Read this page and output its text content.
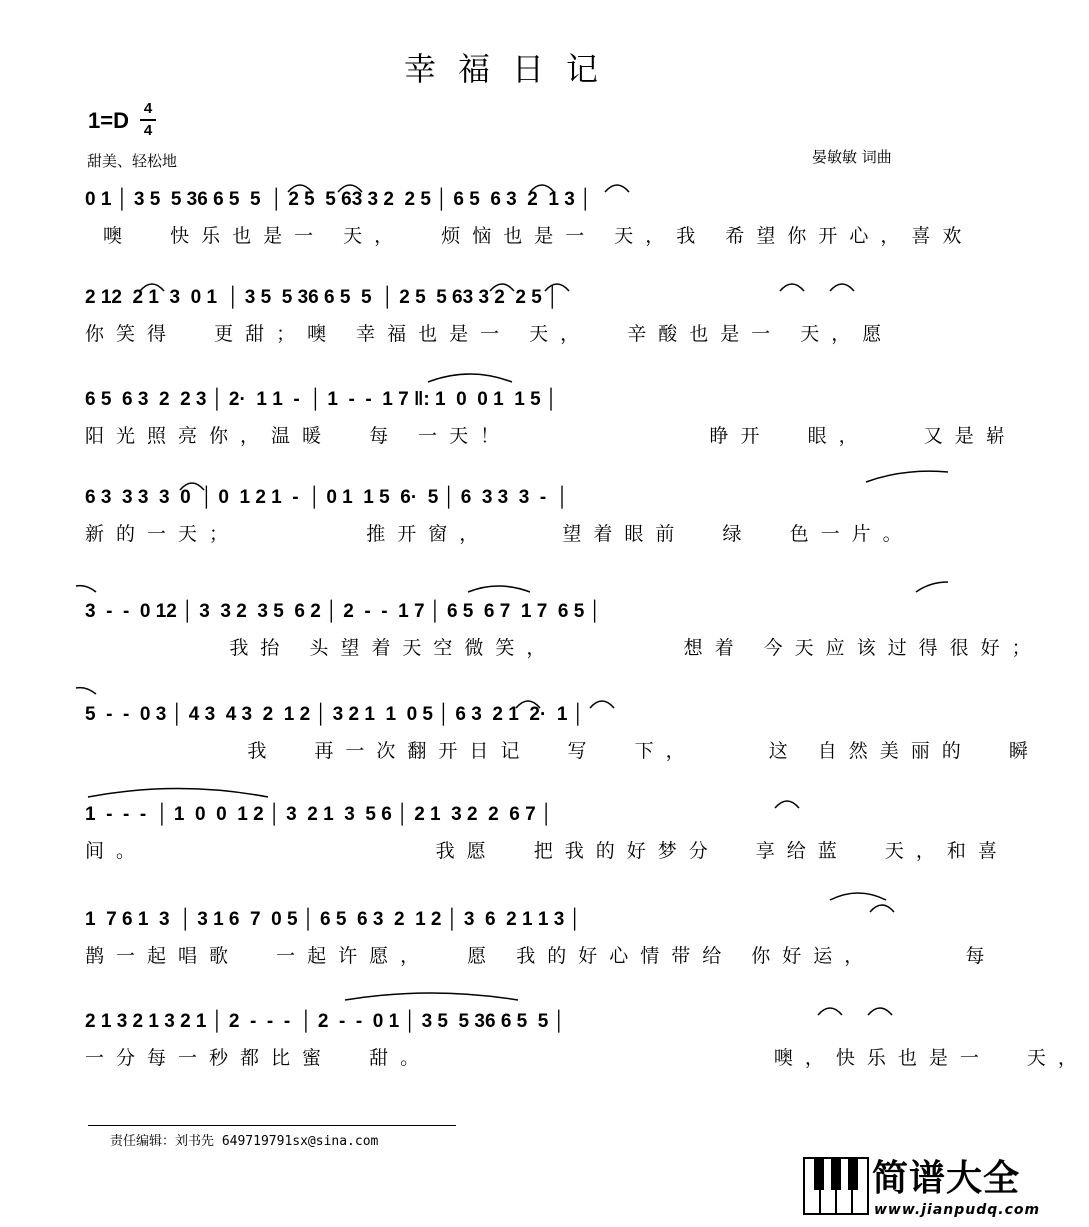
幸福日记
1=D 4
4
甜美、轻松地	晏敏敏 词曲
0 1 │ 3 5  5 36 6 5  5  │ 2 5  5 63 3 2  2 5 │ 6 5  6 3  2  1 3 │
噢  快乐也是一 天，  烦恼也是一 天，我 希望你开心，喜欢
2 12  2 1  3  0 1  │ 3 5  5 36 6 5  5  │ 2 5  5 63 3 2  2 5 │
你笑得  更甜；噢 幸福也是一 天，  辛酸也是一 天，愿
6 5  6 3  2  2 3 │ 2·  1 1  -  │ 1  -  -  1 7 ‖: 1  0  0 1  1 5 │
阳光照亮你，温暖  每 一天！           睁开  眼，   又是崭
6 3  3 3  3  0  │ 0  1 2 1  -  │ 0 1  1 5  6·  5 │ 6  3 3  3  -  │
新的一天；       推开窗，    望着眼前  绿  色一片。
3  -  -  0 12 │ 3  3 2  3 5  6 2 │ 2  -  -  1 7 │ 6 5  6 7  1 7  6 5 │
我抬 头望着天空微笑，       想着 今天应该过得很好；
5  -  -  0 3 │ 4 3  4 3  2  1 2 │ 3 2 1  1  0 5 │ 6 3  2 1  2·  1 │
我  再一次翻开日记  写  下，    这 自然美丽的  瞬
1  -  -  -  │ 1  0  0  1 2 │ 3  2 1  3  5 6 │ 2 1  3 2  2  6 7 │
间。                我愿  把我的好梦分  享给蓝  天，和喜
1  7 6 1  3  │ 3 1 6  7  0 5 │ 6 5  6 3  2  1 2 │ 3  6  2 1 1 3 │
鹊一起唱歌  一起许愿，  愿 我的好心情带给 你好运，     每
2 1 3 2 1 3 2 1 │ 2  -  -  -  │ 2  -  -  0 1 │ 3 5  5 36 6 5  5 │
一分每一秒都比蜜  甜。                   噢，快乐也是一  天，
责任编辑：刘书先 649719791sx@sina.com
简谱大全
www.jianpudq.com
